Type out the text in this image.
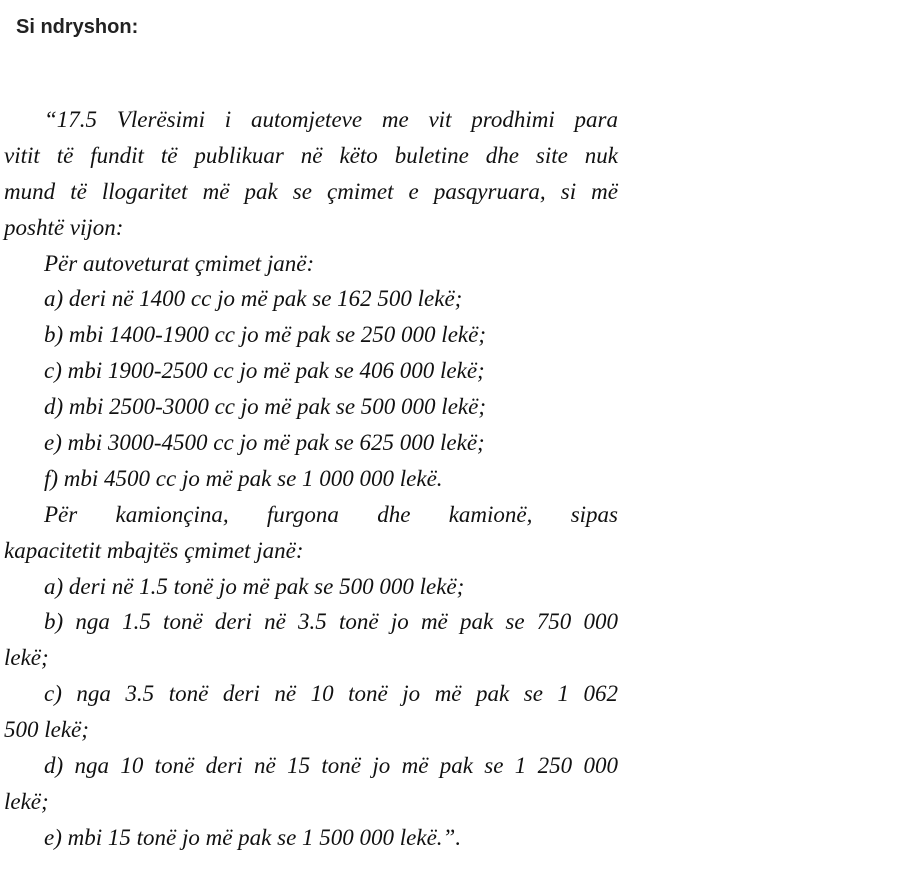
Si ndryshon:
“17.5 Vlerësimi i automjeteve me vit prodhimi para
vitit të fundit të publikuar në këto buletine dhe site nuk
mund të llogaritet më pak se çmimet e pasqyruara, si më
poshtë vijon:
Për autoveturat çmimet janë:
a) deri në 1400 cc jo më pak se 162 500 lekë;
b) mbi 1400-1900 cc jo më pak se 250 000 lekë;
c) mbi 1900-2500 cc jo më pak se 406 000 lekë;
d) mbi 2500-3000 cc jo më pak se 500 000 lekë;
e) mbi 3000-4500 cc jo më pak se 625 000 lekë;
f) mbi 4500 cc jo më pak se 1 000 000 lekë.
Për kamionçina, furgona dhe kamionë, sipas
kapacitetit mbajtës çmimet janë:
a) deri në 1.5 tonë jo më pak se 500 000 lekë;
b) nga 1.5 tonë deri në 3.5 tonë jo më pak se 750 000
lekë;
c) nga 3.5 tonë deri në 10 tonë jo më pak se 1 062
500 lekë;
d) nga 10 tonë deri në 15 tonë jo më pak se 1 250 000
lekë;
e) mbi 15 tonë jo më pak se 1 500 000 lekë.”.
